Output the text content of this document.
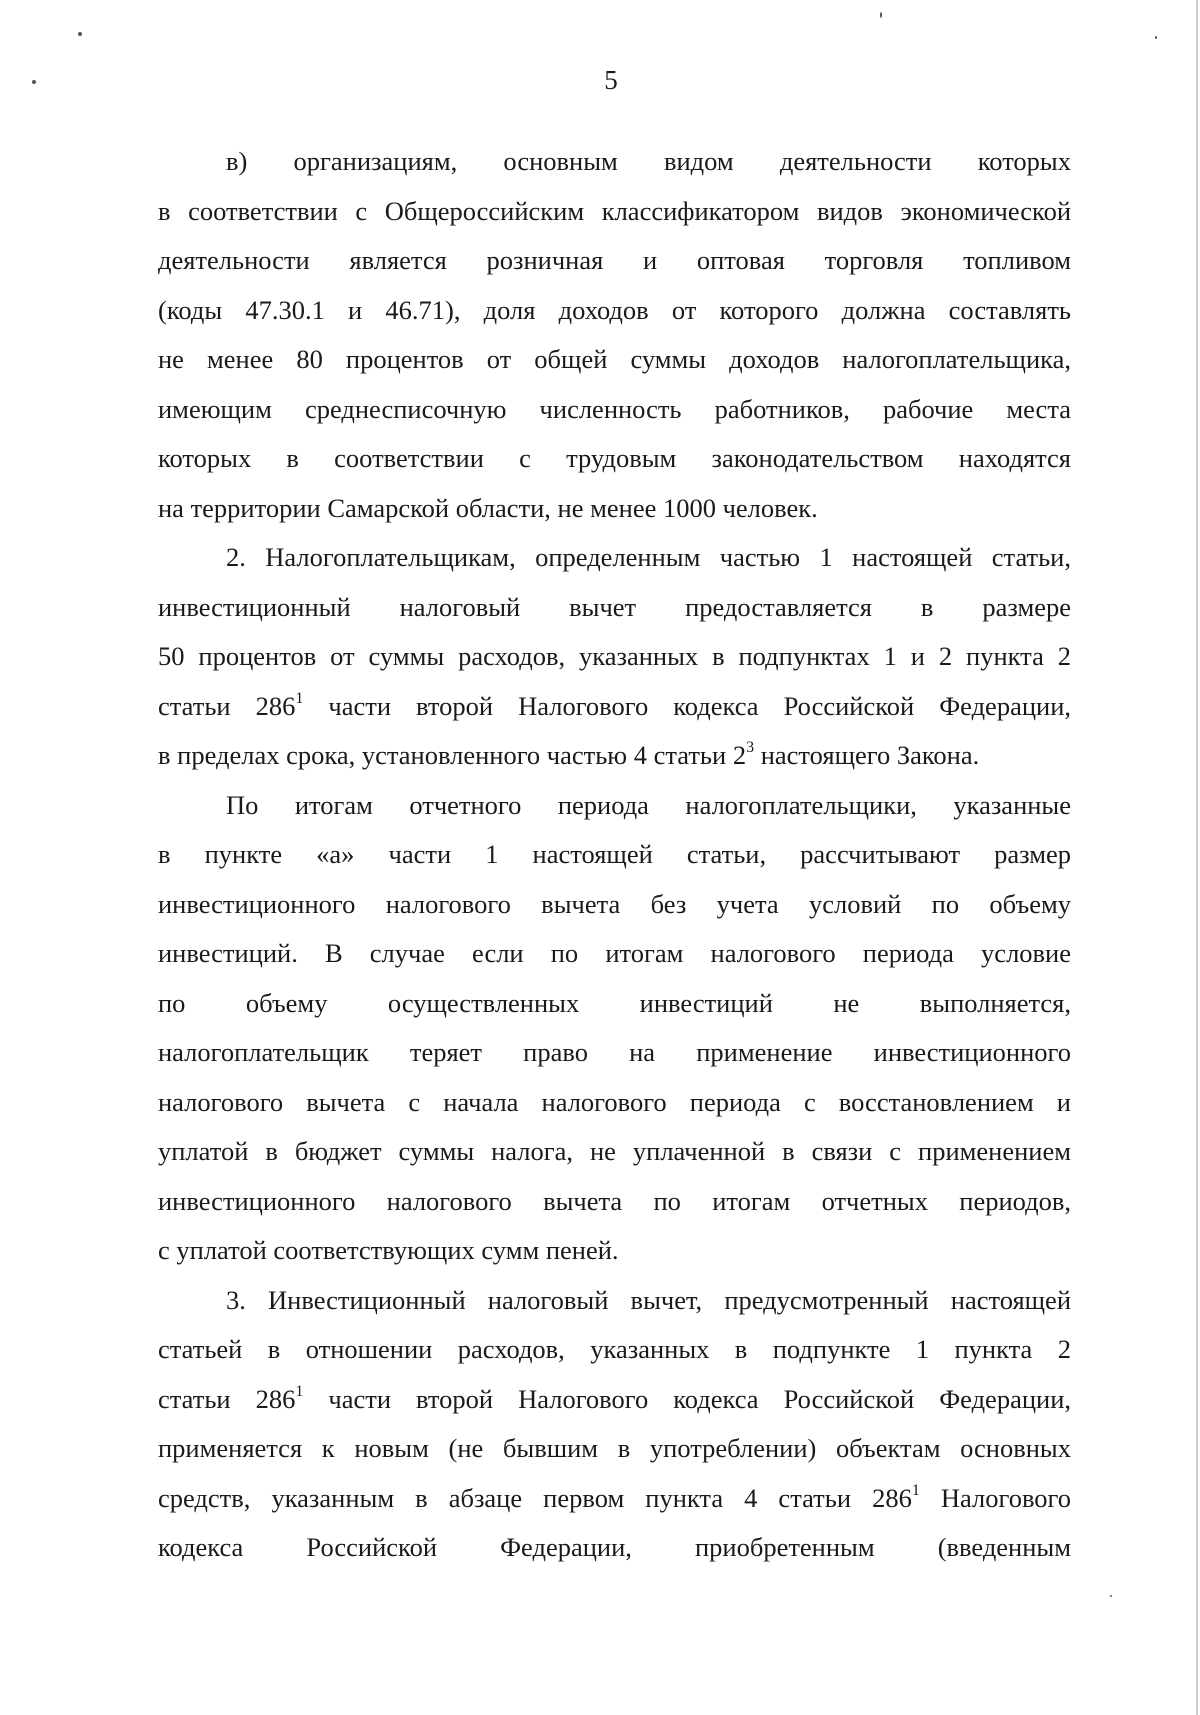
5
в) организациям, основным видом деятельности которых
в соответствии с Общероссийским классификатором видов экономической
деятельности является розничная и оптовая торговля топливом
(коды 47.30.1 и 46.71), доля доходов от которого должна составлять
не менее 80 процентов от общей суммы доходов налогоплательщика,
имеющим среднесписочную численность работников, рабочие места
которых в соответствии с трудовым законодательством находятся
на территории Самарской области, не менее 1000 человек.
2. Налогоплательщикам, определенным частью 1 настоящей статьи,
инвестиционный налоговый вычет предоставляется в размере
50 процентов от суммы расходов, указанных в подпунктах 1 и 2 пункта 2
статьи $286^1$ части второй Налогового кодекса Российской Федерации,
в пределах срока, установленного частью 4 статьи $2^3$ настоящего Закона.
По итогам отчетного периода налогоплательщики, указанные
в пункте «а» части 1 настоящей статьи, рассчитывают размер
инвестиционного налогового вычета без учета условий по объему
инвестиций. В случае если по итогам налогового периода условие
по объему осуществленных инвестиций не выполняется,
налогоплательщик теряет право на применение инвестиционного
налогового вычета с начала налогового периода с восстановлением и
уплатой в бюджет суммы налога, не уплаченной в связи с применением
инвестиционного налогового вычета по итогам отчетных периодов,
с уплатой соответствующих сумм пеней.
3. Инвестиционный налоговый вычет, предусмотренный настоящей
статьей в отношении расходов, указанных в подпункте 1 пункта 2
статьи $286^1$ части второй Налогового кодекса Российской Федерации,
применяется к новым (не бывшим в употреблении) объектам основных
средств, указанным в абзаце первом пункта 4 статьи $286^1$ Налогового
кодекса Российской Федерации, приобретенным (введенным
